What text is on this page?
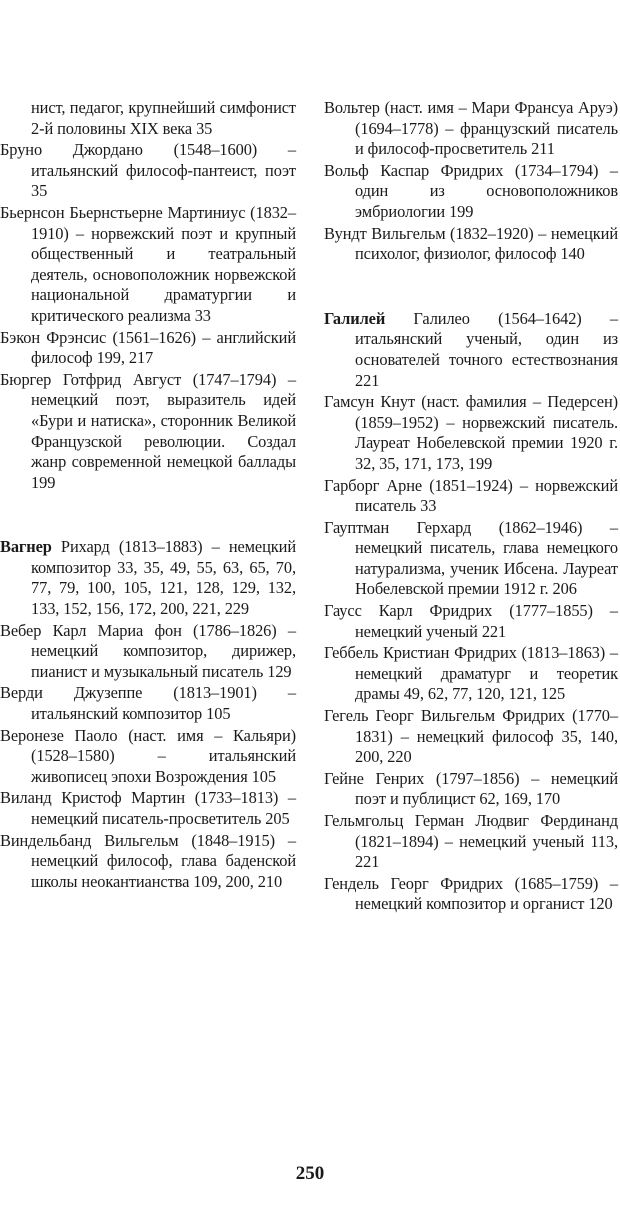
нист, педагог, крупнейший симфонист 2-й половины XIX века 35

Бруно Джордано (1548–1600) – итальянский философ-пантеист, поэт 35

Бьернсон Бьернстьерне Мартиниус (1832–1910) – норвежский поэт и крупный общественный и театральный деятель, основоположник норвежской национальной драматургии и критического реализма 33

Бэкон Фрэнсис (1561–1626) – английский философ 199, 217

Бюргер Готфрид Август (1747–1794) – немецкий поэт, выразитель идей «Бури и натиска», сторонник Великой Французской революции. Создал жанр современной немецкой баллады 199

Вагнер Рихард (1813–1883) – немецкий композитор 33, 35, 49, 55, 63, 65, 70, 77, 79, 100, 105, 121, 128, 129, 132, 133, 152, 156, 172, 200, 221, 229

Вебер Карл Мариа фон (1786–1826) – немецкий композитор, дирижер, пианист и музыкальный писатель 129

Верди Джузеппе (1813–1901) – итальянский композитор 105

Веронезе Паоло (наст. имя – Кальяри) (1528–1580) – итальянский живописец эпохи Возрождения 105

Виланд Кристоф Мартин (1733–1813) – немецкий писатель-просветитель 205

Виндельбанд Вильгельм (1848–1915) – немецкий философ, глава баденской школы неокантианства 109, 200, 210

Вольтер (наст. имя – Мари Франсуа Аруэ) (1694–1778) – французский писатель и философ-просветитель 211

Вольф Каспар Фридрих (1734–1794) – один из основоположников эмбриологии 199

Вундт Вильгельм (1832–1920) – немецкий психолог, физиолог, философ 140

Галилей Галилео (1564–1642) – итальянский ученый, один из основателей точного естествознания 221

Гамсун Кнут (наст. фамилия – Педерсен) (1859–1952) – норвежский писатель. Лауреат Нобелевской премии 1920 г. 32, 35, 171, 173, 199

Гарборг Арне (1851–1924) – норвежский писатель 33

Гауптман Герхард (1862–1946) – немецкий писатель, глава немецкого натурализма, ученик Ибсена. Лауреат Нобелевской премии 1912 г. 206

Гаусс Карл Фридрих (1777–1855) – немецкий ученый 221

Геббель Кристиан Фридрих (1813–1863) – немецкий драматург и теоретик драмы 49, 62, 77, 120, 121, 125

Гегель Георг Вильгельм Фридрих (1770–1831) – немецкий философ 35, 140, 200, 220

Гейне Генрих (1797–1856) – немецкий поэт и публицист 62, 169, 170

Гельмгольц Герман Людвиг Фердинанд (1821–1894) – немецкий ученый 113, 221

Гендель Георг Фридрих (1685–1759) – немецкий композитор и органист 120

250
